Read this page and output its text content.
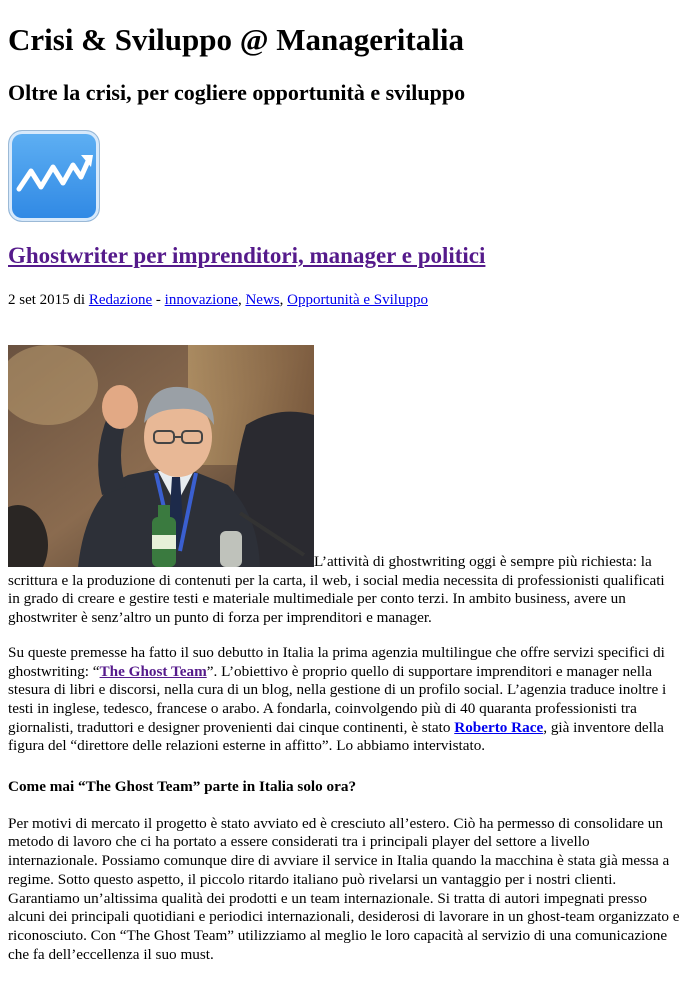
Crisi & Sviluppo @ Manageritalia
Oltre la crisi, per cogliere opportunità e sviluppo
Ghostwriter per imprenditori, manager e politici
2 set 2015 di Redazione - innovazione, News, Opportunità e Sviluppo

L’attività di ghostwriting oggi è sempre più richiesta: la scrittura e la produzione di contenuti per la carta, il web, i social media necessita di professionisti qualificati in grado di creare e gestire testi e materiale multimediale per conto terzi. In ambito business, avere un ghostwriter è senz’altro un punto di forza per imprenditori e manager.

Su queste premesse ha fatto il suo debutto in Italia la prima agenzia multilingue che offre servizi specifici di ghostwriting: “The Ghost Team”. L’obiettivo è proprio quello di supportare imprenditori e manager nella stesura di libri e discorsi, nella cura di un blog, nella gestione di un profilo social. L’agenzia traduce inoltre i testi in inglese, tedesco, francese o arabo. A fondarla, coinvolgendo più di 40 quaranta professionisti tra giornalisti, traduttori e designer provenienti dai cinque continenti, è stato Roberto Race, già inventore della figura del “direttore delle relazioni esterne in affitto”. Lo abbiamo intervistato.

Come mai “The Ghost Team” parte in Italia solo ora?

Per motivi di mercato il progetto è stato avviato ed è cresciuto all’estero. Ciò ha permesso di consolidare un metodo di lavoro che ci ha portato a essere considerati tra i principali player del settore a livello internazionale. Possiamo comunque dire di avviare il service in Italia quando la macchina è stata già messa a regime. Sotto questo aspetto, il piccolo ritardo italiano può rivelarsi un vantaggio per i nostri clienti. Garantiamo un’altissima qualità dei prodotti e un team internazionale. Si tratta di autori impegnati presso alcuni dei principali quotidiani e periodici internazionali, desiderosi di lavorare in un ghost-team organizzato e riconosciuto. Con “The Ghost Team” utilizziamo al meglio le loro capacità al servizio di una comunicazione che fa dell’eccellenza il suo must.
